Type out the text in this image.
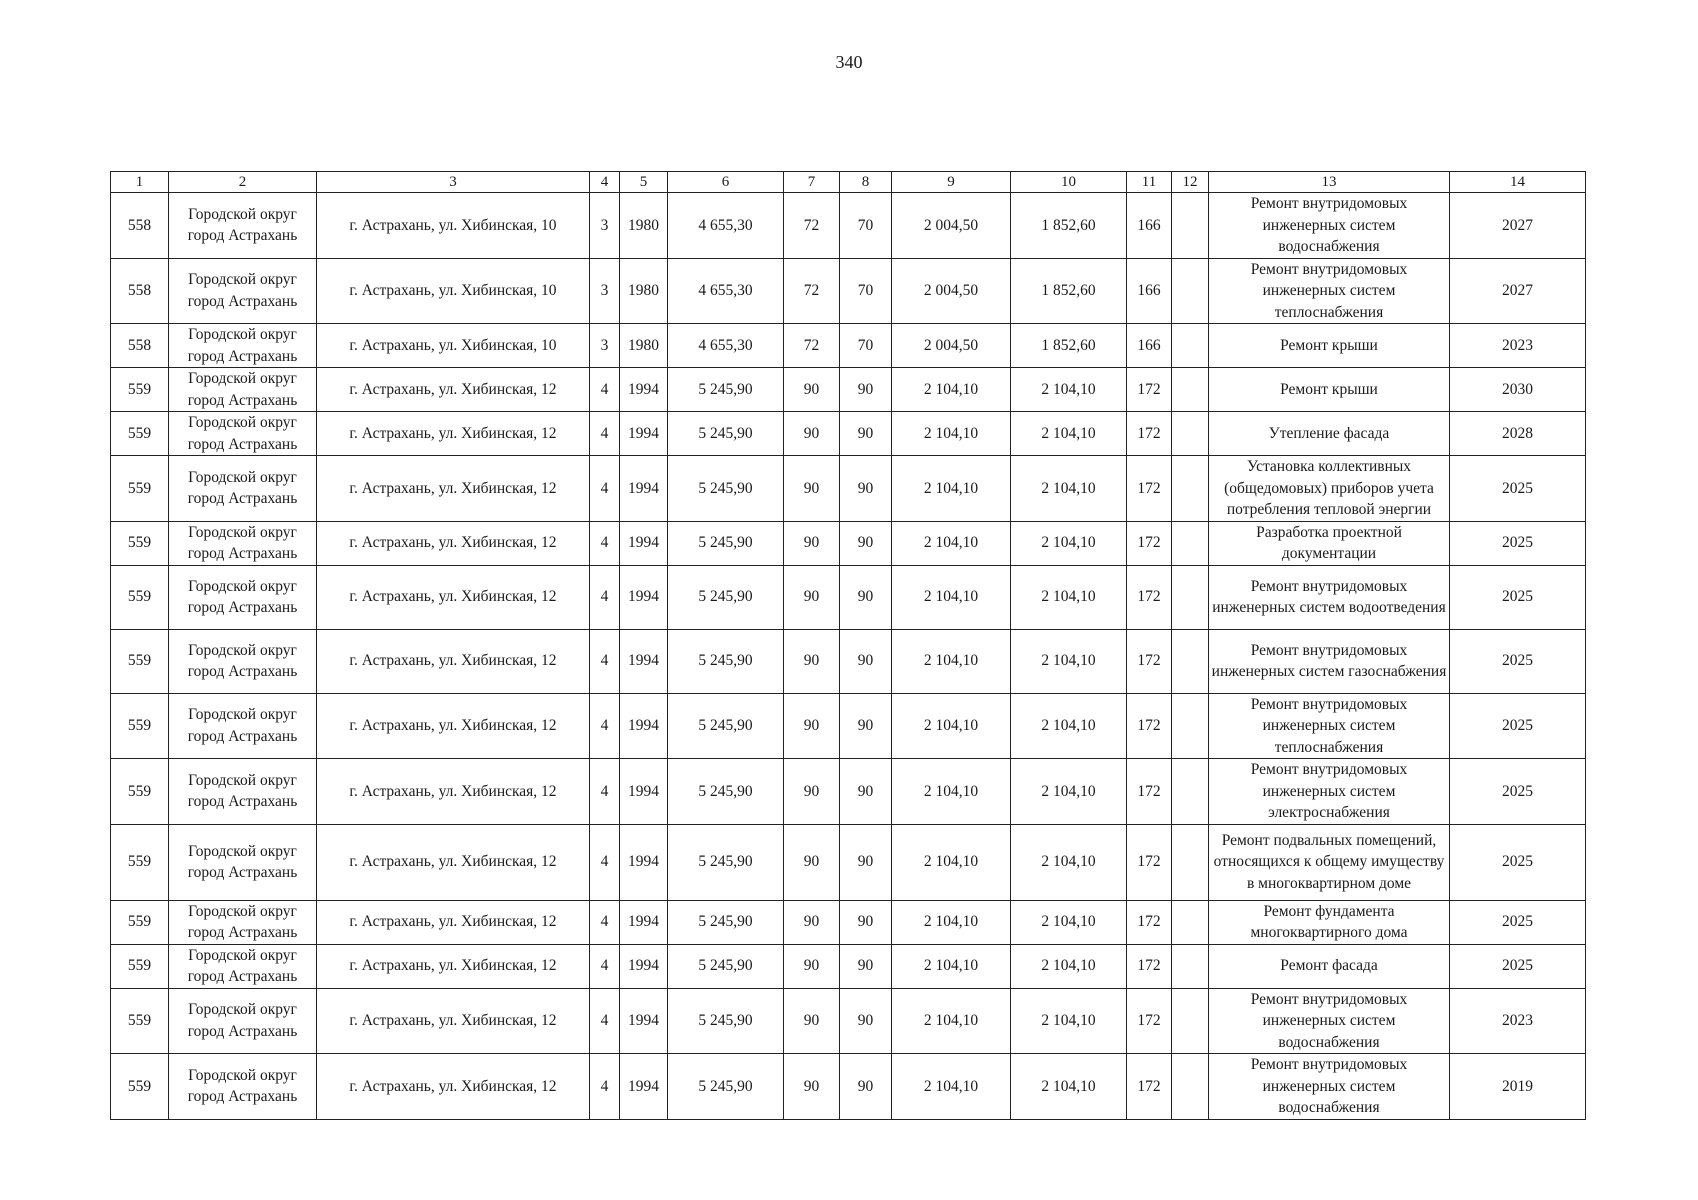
340
1	2	3	4	5	6	7	8	9	10	11	12	13	14
558	Городской округ город Астрахань	г. Астрахань, ул. Хибинская, 10	3	1980	4 655,30	72	70	2 004,50	1 852,60	166		Ремонт внутридомовых инженерных систем водоснабжения	2027
558	Городской округ город Астрахань	г. Астрахань, ул. Хибинская, 10	3	1980	4 655,30	72	70	2 004,50	1 852,60	166		Ремонт внутридомовых инженерных систем теплоснабжения	2027
558	Городской округ город Астрахань	г. Астрахань, ул. Хибинская, 10	3	1980	4 655,30	72	70	2 004,50	1 852,60	166		Ремонт крыши	2023
559	Городской округ город Астрахань	г. Астрахань, ул. Хибинская, 12	4	1994	5 245,90	90	90	2 104,10	2 104,10	172		Ремонт крыши	2030
559	Городской округ город Астрахань	г. Астрахань, ул. Хибинская, 12	4	1994	5 245,90	90	90	2 104,10	2 104,10	172		Утепление фасада	2028
559	Городской округ город Астрахань	г. Астрахань, ул. Хибинская, 12	4	1994	5 245,90	90	90	2 104,10	2 104,10	172		Установка коллективных (общедомовых) приборов учета потребления тепловой энергии	2025
559	Городской округ город Астрахань	г. Астрахань, ул. Хибинская, 12	4	1994	5 245,90	90	90	2 104,10	2 104,10	172		Разработка проектной документации	2025
559	Городской округ город Астрахань	г. Астрахань, ул. Хибинская, 12	4	1994	5 245,90	90	90	2 104,10	2 104,10	172		Ремонт внутридомовых инженерных систем водоотведения	2025
559	Городской округ город Астрахань	г. Астрахань, ул. Хибинская, 12	4	1994	5 245,90	90	90	2 104,10	2 104,10	172		Ремонт внутридомовых инженерных систем газоснабжения	2025
559	Городской округ город Астрахань	г. Астрахань, ул. Хибинская, 12	4	1994	5 245,90	90	90	2 104,10	2 104,10	172		Ремонт внутридомовых инженерных систем теплоснабжения	2025
559	Городской округ город Астрахань	г. Астрахань, ул. Хибинская, 12	4	1994	5 245,90	90	90	2 104,10	2 104,10	172		Ремонт внутридомовых инженерных систем электроснабжения	2025
559	Городской округ город Астрахань	г. Астрахань, ул. Хибинская, 12	4	1994	5 245,90	90	90	2 104,10	2 104,10	172		Ремонт подвальных помещений, относящихся к общему имуществу в многоквартирном доме	2025
559	Городской округ город Астрахань	г. Астрахань, ул. Хибинская, 12	4	1994	5 245,90	90	90	2 104,10	2 104,10	172		Ремонт фундамента многоквартирного дома	2025
559	Городской округ город Астрахань	г. Астрахань, ул. Хибинская, 12	4	1994	5 245,90	90	90	2 104,10	2 104,10	172		Ремонт фасада	2025
559	Городской округ город Астрахань	г. Астрахань, ул. Хибинская, 12	4	1994	5 245,90	90	90	2 104,10	2 104,10	172		Ремонт внутридомовых инженерных систем водоснабжения	2023
559	Городской округ город Астрахань	г. Астрахань, ул. Хибинская, 12	4	1994	5 245,90	90	90	2 104,10	2 104,10	172		Ремонт внутридомовых инженерных систем водоснабжения	2019
